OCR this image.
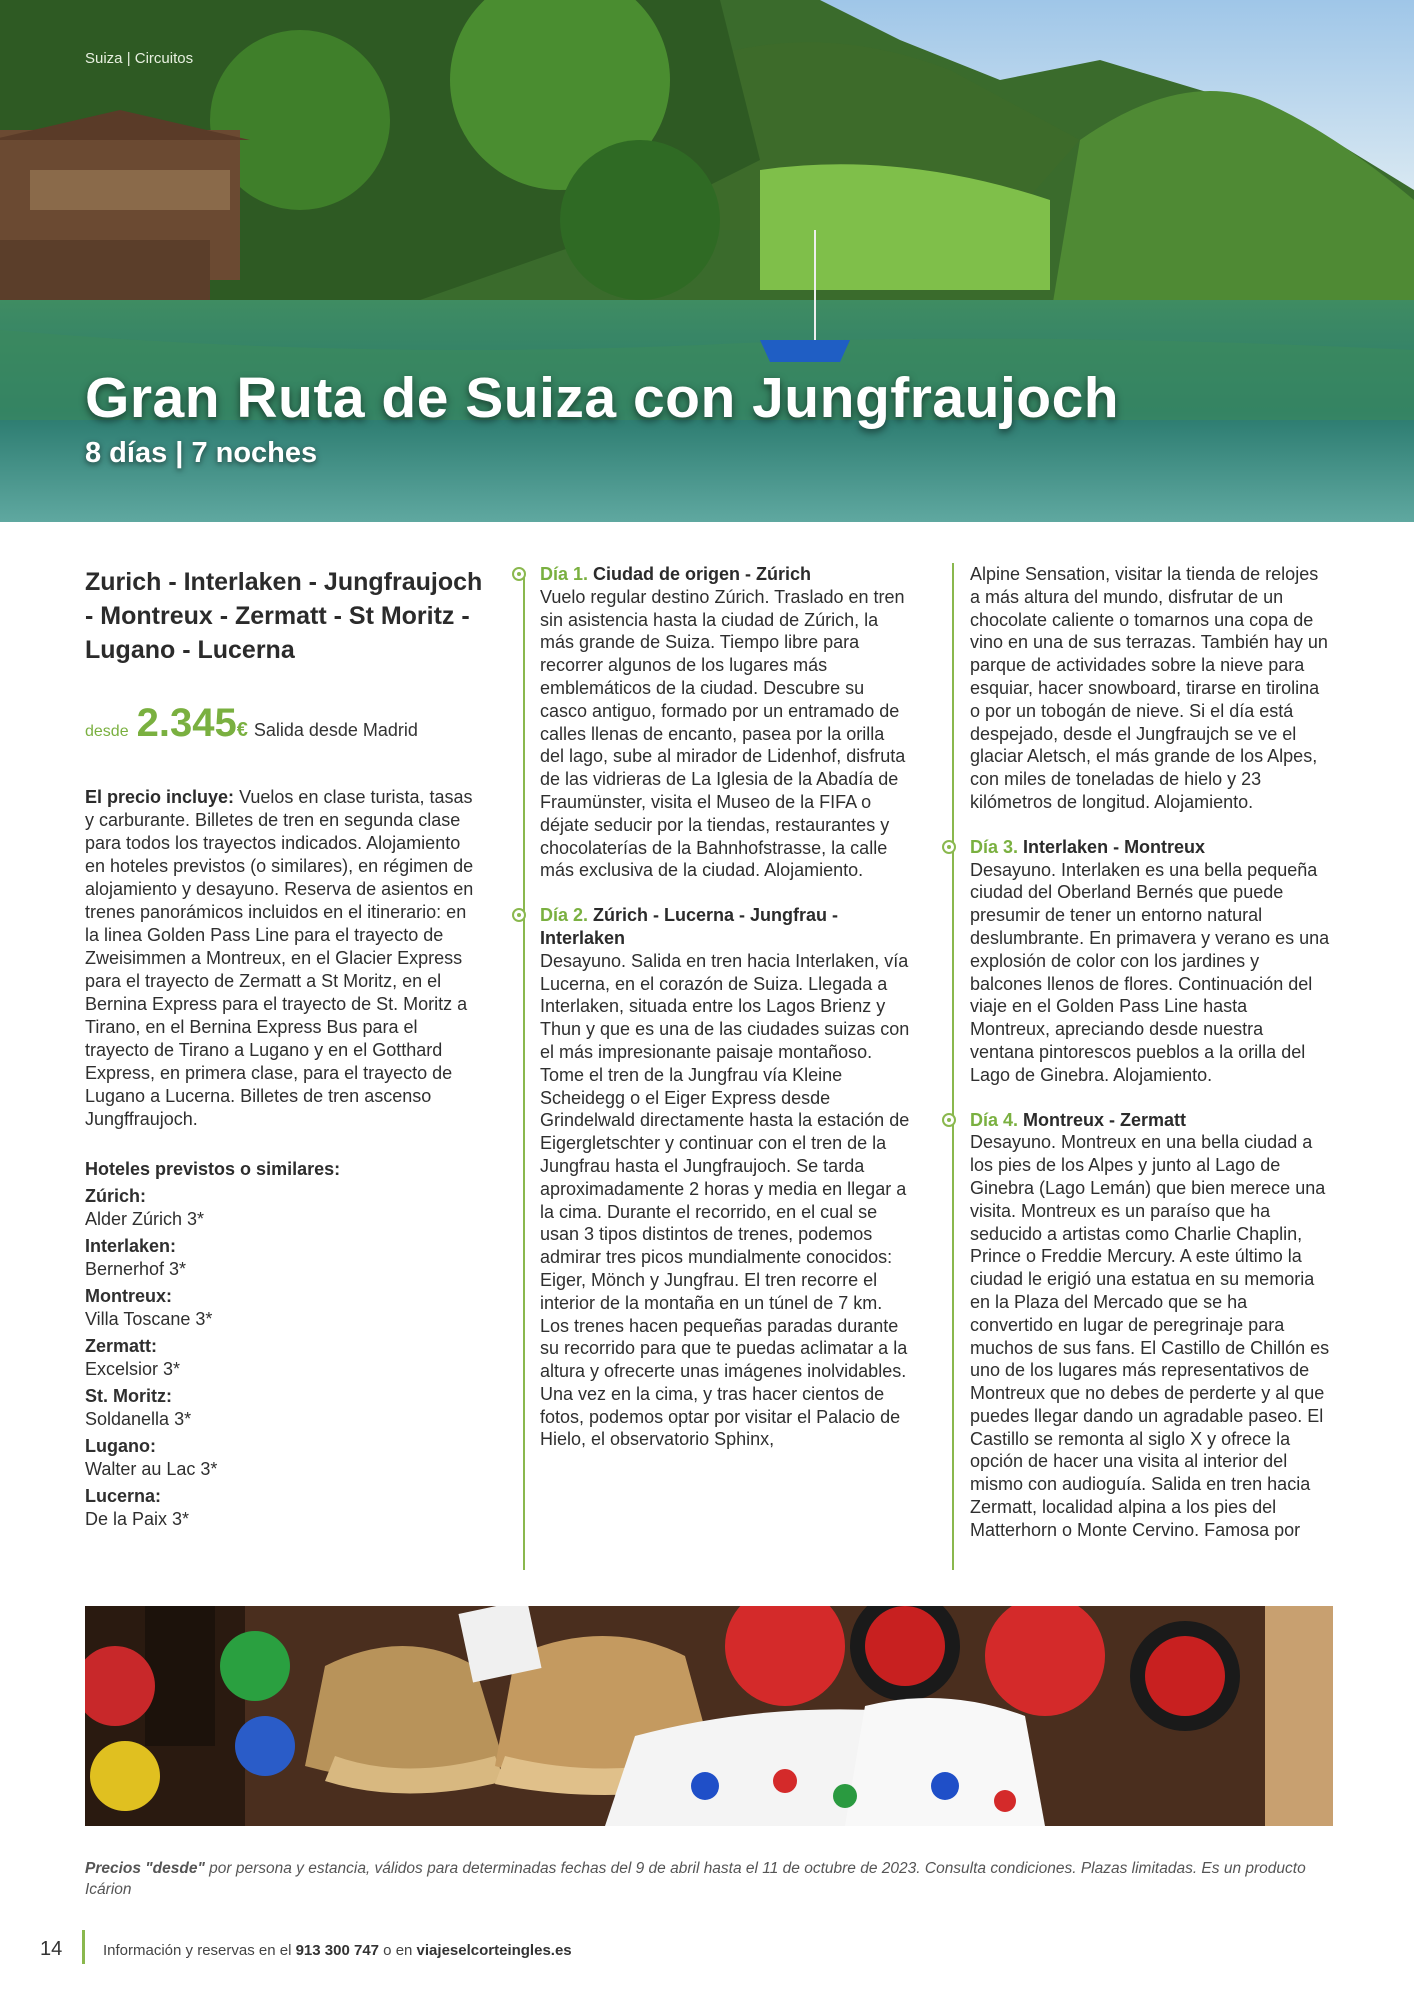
Suiza | Circuitos
Gran Ruta de Suiza con Jungfraujoch
8 días | 7 noches

Zurich - Interlaken - Jungfraujoch - Montreux - Zermatt - St Moritz - Lugano - Lucerna

desde 2.345 € Salida desde Madrid
El precio incluye: Vuelos en clase turista, tasas y carburante. Billetes de tren en segunda clase para todos los trayectos indicados. Alojamiento en hoteles previstos (o similares), en régimen de alojamiento y desayuno. Reserva de asientos en trenes panorámicos incluidos en el itinerario: en la linea Golden Pass Line para el trayecto de Zweisimmen a Montreux, en el Glacier Express para el trayecto de Zermatt a St Moritz, en el Bernina Express para el trayecto de St. Moritz a Tirano, en el Bernina Express Bus para el trayecto de Tirano a Lugano y en el Gotthard Express, en primera clase, para el trayecto de Lugano a Lucerna. Billetes de tren ascenso Jungffraujoch.
Hoteles previstos o similares:
Zúrich:
Alder Zúrich 3*
Interlaken:
Bernerhof 3*
Montreux:
Villa Toscane 3*
Zermatt:
Excelsior 3*
St. Moritz:
Soldanella 3*
Lugano:
Walter au Lac 3*
Lucerna:
De la Paix 3*
Día 1. Ciudad de origen - Zúrich
Vuelo regular destino Zúrich. Traslado en tren sin asistencia hasta la ciudad de Zúrich, la más grande de Suiza. Tiempo libre para recorrer algunos de los lugares más emblemáticos de la ciudad. Descubre su casco antiguo, formado por un entramado de calles llenas de encanto, pasea por la orilla del lago, sube al mirador de Lidenhof, disfruta de las vidrieras de La Iglesia de la Abadía de Fraumünster, visita el Museo de la FIFA o déjate seducir por la tiendas, restaurantes y chocolaterías de la Bahnhofstrasse, la calle más exclusiva de la ciudad. Alojamiento.
Día 2. Zúrich - Lucerna - Jungfrau - Interlaken
Desayuno. Salida en tren hacia Interlaken, vía Lucerna, en el corazón de Suiza. Llegada a Interlaken, situada entre los Lagos Brienz y Thun y que es una de las ciudades suizas con el más impresionante paisaje montañoso. Tome el tren de la Jungfrau vía Kleine Scheidegg o el Eiger Express desde Grindelwald directamente hasta la estación de Eigergletschter y continuar con el tren de la Jungfrau hasta el Jungfraujoch. Se tarda aproximadamente 2 horas y media en llegar a la cima. Durante el recorrido, en el cual se usan 3 tipos distintos de trenes, podemos admirar tres picos mundialmente conocidos: Eiger, Mönch y Jungfrau. El tren recorre el interior de la montaña en un túnel de 7 km. Los trenes hacen pequeñas paradas durante su recorrido para que te puedas aclimatar a la altura y ofrecerte unas imágenes inolvidables. Una vez en la cima, y tras hacer cientos de fotos, podemos optar por visitar el Palacio de Hielo, el observatorio Sphinx,
Alpine Sensation, visitar la tienda de relojes a más altura del mundo, disfrutar de un chocolate caliente o tomarnos una copa de vino en una de sus terrazas. También hay un parque de actividades sobre la nieve para esquiar, hacer snowboard, tirarse en tirolina o por un tobogán de nieve. Si el día está despejado, desde el Jungfraujch se ve el glaciar Aletsch, el más grande de los Alpes, con miles de toneladas de hielo y 23 kilómetros de longitud. Alojamiento.
Día 3. Interlaken - Montreux
Desayuno. Interlaken es una bella pequeña ciudad del Oberland Bernés que puede presumir de tener un entorno natural deslumbrante. En primavera y verano es una explosión de color con los jardines y balcones llenos de flores. Continuación del viaje en el Golden Pass Line hasta Montreux, apreciando desde nuestra ventana pintorescos pueblos a la orilla del Lago de Ginebra. Alojamiento.
Día 4. Montreux - Zermatt
Desayuno. Montreux en una bella ciudad a los pies de los Alpes y junto al Lago de Ginebra (Lago Lemán) que bien merece una visita. Montreux es un paraíso que ha seducido a artistas como Charlie Chaplin, Prince o Freddie Mercury. A este último la ciudad le erigió una estatua en su memoria en la Plaza del Mercado que se ha convertido en lugar de peregrinaje para muchos de sus fans. El Castillo de Chillón es uno de los lugares más representativos de Montreux que no debes de perderte y al que puedes llegar dando un agradable paseo. El Castillo se remonta al siglo X y ofrece la opción de hacer una visita al interior del mismo con audioguía. Salida en tren hacia Zermatt, localidad alpina a los pies del Matterhorn o Monte Cervino. Famosa por
Precios "desde" por persona y estancia, válidos para determinadas fechas del 9 de abril hasta el 11 de octubre de 2023. Consulta condiciones. Plazas limitadas. Es un producto Icárion
14	Información y reservas en el 913 300 747 o en viajeselcorteingles.es
